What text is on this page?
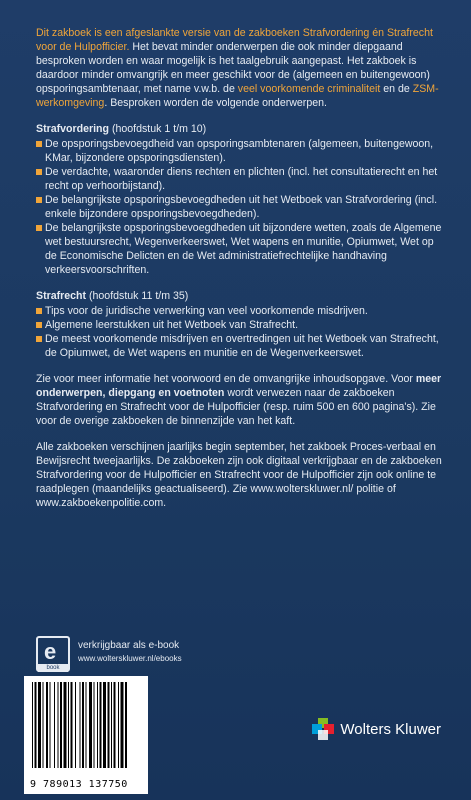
Dit zakboek is een afgeslankte versie van de zakboeken Strafvordering én Strafrecht voor de Hulpofficier. Het bevat minder onderwerpen die ook minder diepgaand besproken worden en waar mogelijk is het taalgebruik aangepast. Het zakboek is daardoor minder omvangrijk en meer geschikt voor de (algemeen en buitengewoon) opsporingsambtenaar, met name v.w.b. de veel voorkomende criminaliteit en de ZSM-werkomgeving. Besproken worden de volgende onderwerpen.

Strafvordering (hoofdstuk 1 t/m 10)
De opsporingsbevoegdheid van opsporingsambtenaren (algemeen, buitengewoon, KMar, bijzondere opsporingsdiensten).
De verdachte, waaronder diens rechten en plichten (incl. het consultatierecht en het recht op verhoorbijstand).
De belangrijkste opsporingsbevoegdheden uit het Wetboek van Strafvordering (incl. enkele bijzondere opsporingsbevoegdheden).
De belangrijkste opsporingsbevoegdheden uit bijzondere wetten, zoals de Algemene wet bestuursrecht, Wegenverkeerswet, Wet wapens en munitie, Opiumwet, Wet op de Economische Delicten en de Wet administratiefrechtelijke handhaving verkeersvoorschriften.
Strafrecht (hoofdstuk 11 t/m 35)
Tips voor de juridische verwerking van veel voorkomende misdrijven.
Algemene leerstukken uit het Wetboek van Strafrecht.
De meest voorkomende misdrijven en overtredingen uit het Wetboek van Strafrecht, de Opiumwet, de Wet wapens en munitie en de Wegenverkeerswet.

Zie voor meer informatie het voorwoord en de omvangrijke inhoudsopgave. Voor meer onderwerpen, diepgang en voetnoten wordt verwezen naar de zakboeken Strafvordering en Strafrecht voor de Hulpofficier (resp. ruim 500 en 600 pagina's). Zie voor de overige zakboeken de binnenzijde van het kaft.

Alle zakboeken verschijnen jaarlijks begin september, het zakboek Proces-verbaal en Bewijsrecht tweejaarlijks. De zakboeken zijn ook digitaal verkrijgbaar en de zakboeken Strafvordering voor de Hulpofficier en Strafrecht voor de Hulpofficier zijn ook online te raadplegen (maandelijks geactualiseerd). Zie www.wolterskluwer.nl/ politie of www.zakboekenpolitie.com.

e
book
verkrijgbaar als e-book
www.wolterskluwer.nl/ebooks
9 789013 137750
Wolters Kluwer
